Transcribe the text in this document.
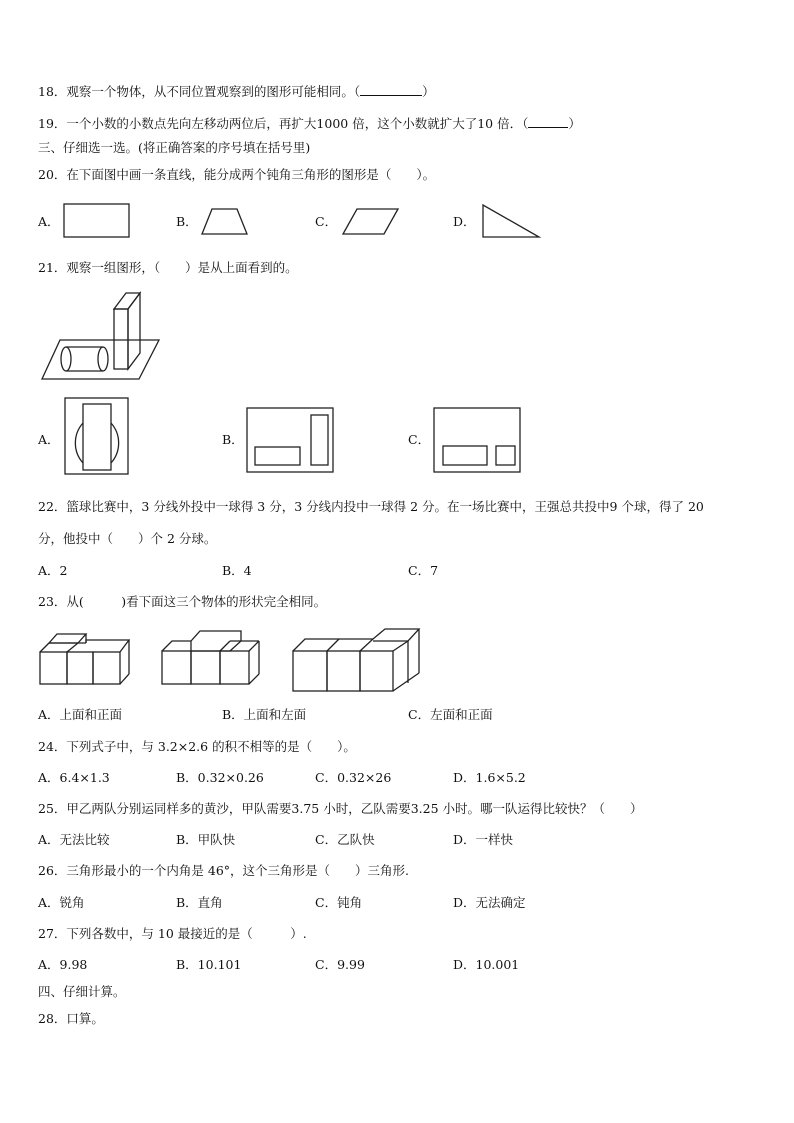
18．观察一个物体，从不同位置观察到的图形可能相同。（	）
19．一个小数的小数点先向左移动两位后，再扩大1000 倍，这个小数就扩大了10 倍．（	）
三、仔细选一选。(将正确答案的序号填在括号里)
20．在下面图中画一条直线，能分成两个钝角三角形的图形是（　　）。
A．	B．	C．	D．
21．观察一组图形，（　　）是从上面看到的。
A．	B．	C．
22．篮球比赛中，3 分线外投中一球得 3 分，3 分线内投中一球得 2 分。在一场比赛中，王强总共投中9 个球，得了 20
分，他投中（　　）个 2 分球。
A．2	B．4	C．7
23．从(　　　)看下面这三个物体的形状完全相同。
A．上面和正面	B．上面和左面	C．左面和正面
24．下列式子中，与 3.2×2.6 的积不相等的是（　　）。
A．6.4×1.3	B．0.32×0.26	C．0.32×26	D．1.6×5.2
25．甲乙两队分别运同样多的黄沙，甲队需要3.75 小时，乙队需要3.25 小时。哪一队运得比较快？（　　）
A．无法比较	B．甲队快	C．乙队快	D．一样快
26．三角形最小的一个内角是 46°，这个三角形是（　　）三角形.
A．锐角	B．直角	C．钝角	D．无法确定
27．下列各数中，与 10 最接近的是（　　　）.
A．9.98	B．10.101	C．9.99	D．10.001
四、仔细计算。
28．口算。
